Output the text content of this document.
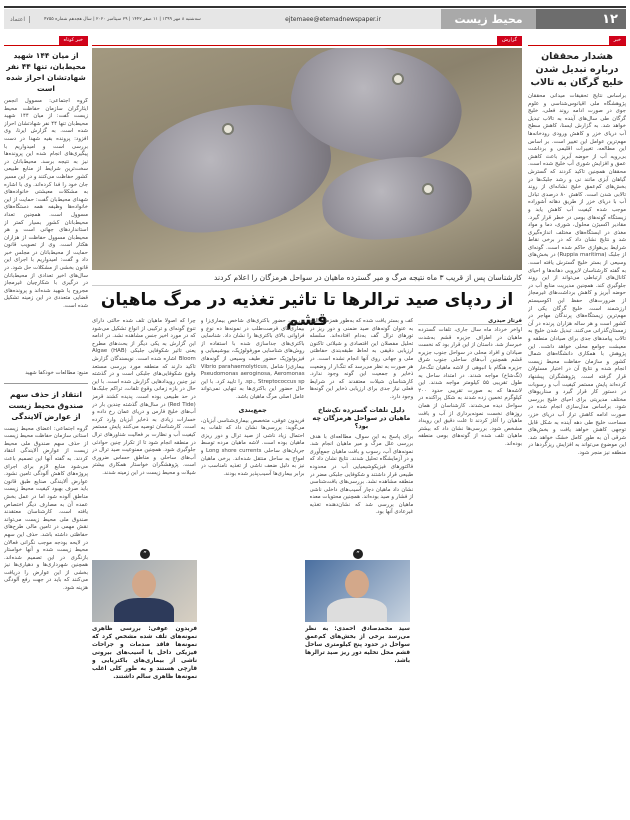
۱۲
محیط زیست
ejtemaee@etemadnewspaper.ir
سه‌شنبه ۸ مهر ۱۳۹۹ | ۱۱ صفر ۱۴۴۲ | ۲۹ سپتامبر ۲۰۲۰ | سال هجدهم شماره ۴۷۵۵
اعتماد
خبر
هشدار محققان درباره تبدیل شدن خلیج گرگان به تالاب
براساس نتایج تحقیقات میدانی محققان پژوهشگاه ملی اقیانوس‌شناسی و علوم جوی در صورت ادامه روند فعلی، خلیج گرگان طی سال‌های آینده به تالاب تبدیل خواهد شد. به گزارش ایسنا، کاهش سطح آب دریای خزر و کاهش ورودی رودخانه‌ها مهم‌ترین عوامل این تغییر است. بر اساس این مطالعه، تغییرات اقلیمی و برداشت بی‌رویه آب از حوضه آبریز باعث کاهش عمق و افزایش شوری آب خلیج شده است. محققان همچنین تاکید کردند که گسترش گیاهان آبزی مانند نی و رشد جلبک‌ها در بخش‌های کم‌عمق خلیج نشانه‌ای از روند تالابی شدن است. کاهش ۸۰ درصدی تبادل آب با دریای خزر از طریق دهانه آشوراده موجب شده کیفیت آب کاهش یابد و زیستگاه گونه‌های بومی در خطر قرار گیرد. مقادیر اکسیژن محلول، شوری، دما و مواد مغذی در ایستگاه‌های مختلف اندازه‌گیری شد و نتایج نشان داد که در برخی نقاط شرایط بی‌هوازی حاکم شده است. گونه‌ای از جلبک (Ruppia maritima) در بخش‌های وسیعی از بستر خلیج گسترش یافته است. به گفته کارشناسان لایروبی دهانه‌ها و احیای کانال‌های ارتباطی می‌تواند از این روند جلوگیری کند. همچنین مدیریت منابع آب در حوضه آبریز و کاهش برداشت‌های غیرمجاز از ضرورت‌های حفظ این اکوسیستم ارزشمند است. خلیج گرگان یکی از مهم‌ترین زیستگاه‌های پرندگان مهاجر در کشور است و هر ساله هزاران پرنده در آن زمستان‌گذرانی می‌کنند. تبدیل شدن خلیج به تالاب پیامدهای جدی برای صیادان منطقه و معیشت جوامع محلی خواهد داشت. این پژوهش با همکاری دانشگاه‌های شمال کشور و سازمان حفاظت محیط زیست انجام شده و نتایج آن در اختیار مسئولان قرار گرفته است. پژوهشگران پیشنهاد کرده‌اند پایش مستمر کیفیت آب و رسوبات در دستور کار قرار گیرد و سناریوهای مختلف مدیریتی برای احیای خلیج بررسی شود. براساس مدل‌سازی انجام شده در صورت ادامه کاهش تراز آب دریای خزر، مساحت خلیج طی دهه آینده به شکل قابل توجهی کاهش خواهد یافت و بخش‌های شرقی آن به طور کامل خشک خواهد شد. این موضوع می‌تواند به افزایش ریزگردها در منطقه نیز منجر شود.
خبر کوتاه
از میان ۱۴۴ شهید محیط‌بان، تنها ۴۴ نفر شهادتشان احراز شده است
گروه اجتماعی: مسوول انجمن ایثارگران سازمان حفاظت محیط زیست گفت: از میان ۱۴۴ شهید محیط‌بان تنها ۴۴ نفر شهادتشان احراز شده است. به گزارش ایرنا، وی افزود: پرونده بقیه شهدا در دست بررسی است و امیدواریم با پیگیری‌های انجام شده این پرونده‌ها نیز به نتیجه برسد. محیط‌بانان در سخت‌ترین شرایط از منابع طبیعی کشور حفاظت می‌کنند و در این مسیر جان خود را فدا کرده‌اند. وی با اشاره به مشکلات معیشتی خانواده‌های شهدای محیط‌بان گفت: حمایت از این خانواده‌ها وظیفه همه دستگاه‌های مسوول است. همچنین تعداد محیط‌بانان کشور بسیار کمتر از استانداردهای جهانی است و هر محیط‌بان مسوول حفاظت از هزاران هکتار است. وی از تصویب قانون حمایت از محیط‌بانان در مجلس خبر داد و گفت: امیدواریم با اجرای این قانون بخشی از مشکلات حل شود. در سال‌های اخیر تعدادی از محیط‌بانان در درگیری با شکارچیان غیرمجاز مجروح یا شهید شده‌اند و پرونده‌های قضایی متعددی در این زمینه تشکیل شده است.
منبع: مطالعات خودکفا شهید
انتقاد از حذف سهم صندوق محیط زیست از عوارض آلایندگی
گروه اجتماعی: اعضای محیط زیست استانی سازمان حفاظت محیط زیست از حذف سهم صندوق ملی محیط زیست از عوارض آلایندگی انتقاد کردند. به گفته آنها این تصمیم باعث می‌شود منابع لازم برای اجرای پروژه‌های کاهش آلودگی تامین نشود. عوارض آلایندگی صنایع طبق قانون باید صرف بهبود کیفیت محیط زیست مناطق آلوده شود اما در عمل بخش عمده آن به مصارف دیگر اختصاص یافته است. کارشناسان معتقدند صندوق ملی محیط زیست می‌تواند نقش مهمی در تامین مالی طرح‌های حفاظتی داشته باشد. حذف این سهم در لایحه بودجه موجب نگرانی فعالان محیط زیست شده و آنها خواستار بازنگری در این تصمیم شده‌اند. همچنین شهرداری‌ها و دهیاری‌ها نیز بخشی از این عوارض را دریافت می‌کنند که باید در جهت رفع آلودگی هزینه شود.
گزارش
کارشناسان پس از قریب ۳ ماه نتیجه مرگ و میر گسترده ماهیان در سواحل هرمزگان را اعلام کردند
از ردپای صید ترالرها تا تاثیر تغذیه در مرگ ماهیان قشم	فرناز حیدری
اواخر خرداد ماه سال جاری، تلفات گسترده ماهیان در اطراف جزیره قشم به‌شدت خبرساز شد. داستان از این قرار بود که نخست صیادان و افراد محلی در سواحل جنوب جزیره قشم همچنین آب‌های ساحلی جنوب شرق جزیره هنگام با انبوهی از لاشه ماهیان تنگ‌خار (نگ‌شاخ) مواجه شدند. در امتداد ساحل به طول تقریبی ۵۵ کیلومتر مواجه شدند. این لاشه‌ها که به صورت تقریبی حدود ۲۰۰ کیلوگرم تخمین زده شدند به شکل پراکنده در سواحل دیده می‌شدند. کارشناسان از همان روزهای نخست نمونه‌برداری از آب و بافت ماهیان را آغاز کردند تا علت دقیق این رویداد مشخص شود. بررسی‌ها نشان داد که بیشتر ماهیان تلف شده از گونه‌های بومی منطقه بوده‌اند.
کف و بستر یافت شده که به‌طور همزمان البته به عنوان گونه‌های صید ضمنی و دور ریز در تورهای ترال گف به‌دام افتاده‌اند. سلسله تحلیل مفصلان این اقتصادی و شیلاتی تاکنون ارزیابی دقیقی به لحاظ طبقه‌بندی حفاظتی ملی و جهانی روی آنها انجام نشده است. در هر صورت به نظر می‌رسد که تنگ‌ار ار وضعیت ذخایر و جمعیت این گونه وجود ندارد. کارشناسان شیلات معتقدند که در شرایط فعلی نیاز جدی برای ارزیابی ذخایر این گونه‌ها وجود دارد.
دلیل تلفات گسترده تک‌شاخ ماهیان در سواحل هرمزگان چه بود؟
برای پاسخ به این سوال، مطالعه‌ای با هدف بررسی علل مرگ و میر ماهیان انجام شد. نمونه‌های آب، رسوب و بافت ماهیان جمع‌آوری و در آزمایشگاه تحلیل شدند. نتایج نشان داد که فاکتورهای فیزیکوشیمیایی آب در محدوده طبیعی قرار داشتند و شکوفایی جلبکی مضر در منطقه مشاهده نشد. بررسی‌های بافت‌شناسی نشان داد ماهیان دچار آسیب‌های داخلی ناشی از فشار و صید بوده‌اند. همچنین محتویات معده ماهیان بررسی شد که نشان‌دهنده تغذیه غیرعادی آنها بود.
بررسی حضور باکتری‌های شاخص بیماری‌زا و بیماری‌های فرصت‌طلب در نمونه‌ها ده نوع و فراوانی بالای باکتری‌ها را نشان داد. شناسایی باکتری‌های جداسازی شده با استفاده از روش‌های شناسایی مورفولوژیک، بیوشیمیایی و فیزیولوژیک حضور طیف وسیعی از گونه‌های بیماری‌زا شامل Vibrio parahaemolyticus, Pseudomonas aeroginosa, Aeromonas sp., Streptococcus sp. را تایید کرد. با این حال حضور این باکتری‌ها به تنهایی نمی‌تواند عامل اصلی مرگ ماهیان باشد.
جمع‌بندی
فریدون عوفی، متخصص بیماری‌شناسی آبزیان، می‌گوید: بررسی‌ها نشان داد که تلفات به احتمال زیاد ناشی از صید ترال و دور ریزی ماهیان بوده است. لاشه ماهیان مرده توسط جریان‌های ساحلی Long shore currents و امواج به ساحل منتقل شده‌اند. برخی ماهیان نیز به دلیل ضعف ناشی از تغذیه نامناسب در برابر بیماری‌ها آسیب‌پذیر شده بودند.
چرا که اصولا ماهیان تلف شده حالتی دارای تنوع گونه‌ای و ترکیبی از انواع تشکیل می‌شود که در مورد اخیر جنس مشاهده نشد. در ادامه این گزارش به یکی دیگر از بحث‌های مطرح یعنی تاثیر شکوفایی جلبکی (HAB) Algae Bloom اشاره شده است. نویسندگان گزارش تاکید دارند که منطقه مورد بررسی مستعد وقوع شکوفایی‌های جلبکی است و در گذشته نیز چنین رویدادهایی گزارش شده است. با این حال در بازه زمانی وقوع تلفات، تراکم جلبک‌ها در حد طبیعی بوده است. پدیده کشند قرمز (Red Tide) در سال‌های گذشته چندین بار در آب‌های خلیج فارس و دریای عمان رخ داده و خسارات زیادی به ذخایر آبزیان وارد کرده است. کارشناسان توصیه می‌کنند پایش مستمر کیفیت آب و نظارت بر فعالیت شناورهای ترال در منطقه انجام شود تا از تکرار چنین حوادثی جلوگیری شود. همچنین ممنوعیت صید ترال در آب‌های ساحلی و مناطق حساس ضروری است. پژوهشگران خواستار همکاری بیشتر شیلات و محیط زیست در این زمینه شدند.
”
فریدون عوفی: بررسی ظاهری نمونه‌های تلف شده مشخص کرد که نمونه‌ها فاقد صدمات و جراحات فیزیکی داخل یا آسیب‌های بیرونی ناشی از بیماری‌های باکتریایی و قارچی هستند و به طور کلی اغلب نمونه‌ها ظاهری سالم داشتند.
”
سید محمدصادق احمدی: به نظر می‌رسد برخی از بخش‌های کم‌عمق سواحل در حدود پنج کیلومتری ساحل قشم محل تخلیه دور ریز صید ترالرها باشد.
